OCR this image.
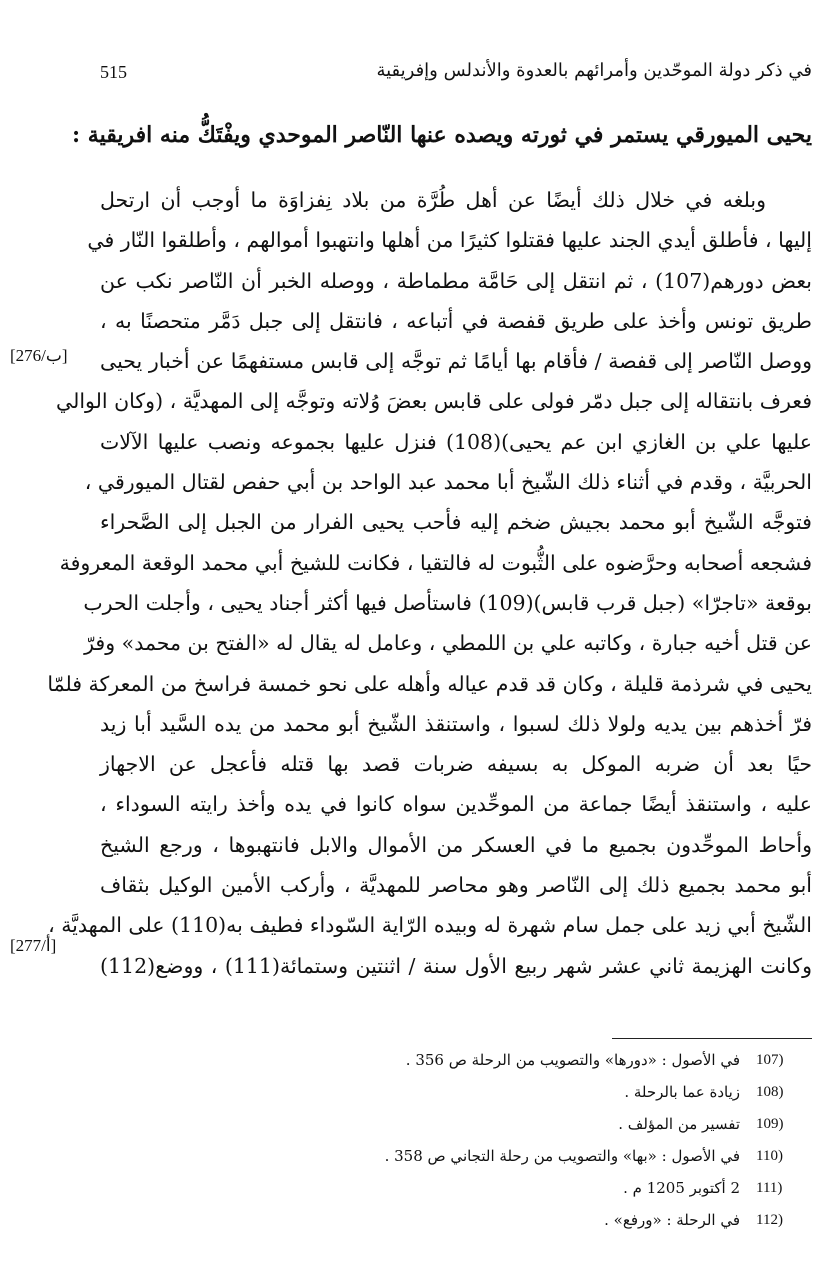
في ذكر دولة الموحّدين وأمرائهم بالعدوة والأندلس وإفريقية
515
يحيى الميورقي يستمر في ثورته ويصده عنها النّاصر الموحدي ويفْتَكُّ منه افريقية :
وبلغه في خلال ذلك أيضًا عن أهل طُرَّة من بلاد نِفزاوَة ما أوجب أن ارتحل
إليها ، فأطلق أيدي الجند عليها فقتلوا كثيرًا من أهلها وانتهبوا أموالهم ، وأطلقوا النّار في
بعض دورهم(107) ، ثم انتقل إلى حَامَّة مطماطة ، ووصله الخبر أن النّاصر نكب عن
طريق تونس وأخذ على طريق قفصة في أتباعه ، فانتقل إلى جبل دَمَّر متحصنًا به ،
ووصل النّاصر إلى قفصة / فأقام بها أيامًا ثم توجَّه إلى قابس مستفهمًا عن أخبار يحيى
فعرف بانتقاله إلى جبل دمّر فولى على قابس بعضَ وُلاته وتوجَّه إلى المهديَّة ، (وكان الوالي
عليها علي بن الغازي ابن عم يحيى)(108) فنزل عليها بجموعه ونصب عليها الآلات
الحربيَّة ، وقدم في أثناء ذلك الشّيخ أبا محمد عبد الواحد بن أبي حفص لقتال الميورقي ،
فتوجَّه الشّيخ أبو محمد بجيش ضخم إليه فأحب يحيى الفرار من الجبل إلى الصَّحراء
فشجعه أصحابه وحرَّضوه على الثُّبوت له فالتقيا ، فكانت للشيخ أبي محمد الوقعة المعروفة
بوقعة «تاجرّا» (جبل قرب قابس)(109) فاستأصل فيها أكثر أجناد يحيى ، وأجلت الحرب
عن قتل أخيه جبارة ، وكاتبه علي بن اللمطي ، وعامل له يقال له «الفتح بن محمد» وفرّ
يحيى في شرذمة قليلة ، وكان قد قدم عياله وأهله على نحو خمسة فراسخ من المعركة فلمّا
فرّ أخذهم بين يديه ولولا ذلك لسبوا ، واستنقذ الشّيخ أبو محمد من يده السَّيد أبا زيد
حيًا بعد أن ضربه الموكل به بسيفه ضربات قصد بها قتله فأعجل عن الاجهاز
عليه ، واستنقذ أيضًا جماعة من الموحِّدين سواه كانوا في يده وأخذ رايته السوداء ،
وأحاط الموحِّدون بجميع ما في العسكر من الأموال والابل فانتهبوها ، ورجع الشيخ
أبو محمد بجميع ذلك إلى النّاصر وهو محاصر للمهديَّة ، وأركب الأمين الوكيل بثقاف
الشّيخ أبي زيد على جمل سام شهرة له وبيده الرّاية السّوداء فطيف به(110) على المهديَّة ،
وكانت الهزيمة ثاني عشر شهر ربيع الأول سنة / اثنتين وستمائة(111) ، ووضع(112)
[276/ب]
[277/أ]
107)
في الأصول : «دورها» والتصويب من الرحلة ص 356 .
108)
زيادة عما بالرحلة .
109)
تفسير من المؤلف .
110)
في الأصول : «بها» والتصويب من رحلة التجاني ص 358 .
111)
2 أكتوبر 1205 م .
112)
في الرحلة : «ورفع» .
